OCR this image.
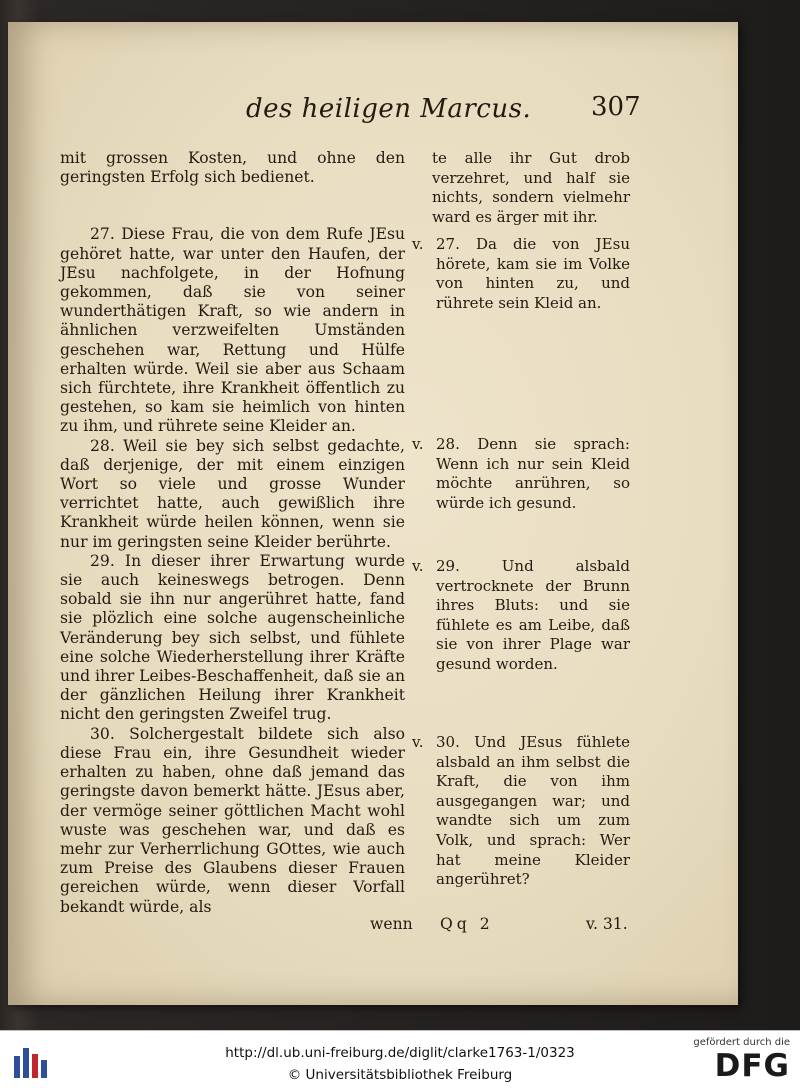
des heiligen Marcus. 307

mit grossen Kosten, und ohne den geringsten Erfolg sich bedienet.

27. Diese Frau, die von dem Rufe JEsu gehöret hatte, war unter den Haufen, der JEsu nachfolgete, in der Hofnung gekommen, daß sie von seiner wunderthätigen Kraft, so wie andern in ähnlichen verzweifelten Umständen geschehen war, Rettung und Hülfe erhalten würde. Weil sie aber aus Schaam sich fürchtete, ihre Krankheit öffentlich zu gestehen, so kam sie heimlich von hinten zu ihm, und rührete seine Kleider an.

28. Weil sie bey sich selbst gedachte, daß derjenige, der mit einem einzigen Wort so viele und grosse Wunder verrichtet hatte, auch gewißlich ihre Krankheit würde heilen können, wenn sie nur im geringsten seine Kleider berührte.

29. In dieser ihrer Erwartung wurde sie auch keineswegs betrogen. Denn sobald sie ihn nur angerühret hatte, fand sie plözlich eine solche augenscheinliche Veränderung bey sich selbst, und fühlete eine solche Wiederherstellung ihrer Kräfte und ihrer Leibes-Beschaffenheit, daß sie an der gänzlichen Heilung ihrer Krankheit nicht den geringsten Zweifel trug.

30. Solchergestalt bildete sich also diese Frau ein, ihre Gesundheit wieder erhalten zu haben, ohne daß jemand das geringste davon bemerkt hätte. JEsus aber, der vermöge seiner göttlichen Macht wohl wuste was geschehen war, und daß es mehr zur Verherrlichung GOttes, wie auch zum Preise des Glaubens dieser Frauen gereichen würde, wenn dieser Vorfall bekandt würde, als

te alle ihr Gut drob verzehret, und half sie nichts, sondern vielmehr ward es ärger mit ihr.
v. 27. Da die von JEsu hörete, kam sie im Volke von hinten zu, und rührete sein Kleid an.
v. 28. Denn sie sprach: Wenn ich nur sein Kleid möchte anrühren, so würde ich gesund.
v. 29. Und alsbald vertrocknete der Brunn ihres Bluts: und sie fühlete es am Leibe, daß sie von ihrer Plage war gesund worden.
v. 30. Und JEsus fühlete alsbald an ihm selbst die Kraft, die von ihm ausgegangen war; und wandte sich um zum Volk, und sprach: Wer hat meine Kleider angerühret?
wenn Qq 2	v. 31.
http://dl.ub.uni-freiburg.de/diglit/clarke1763-1/0323
© Universitätsbibliothek Freiburg
gefördert durch die
DFG
